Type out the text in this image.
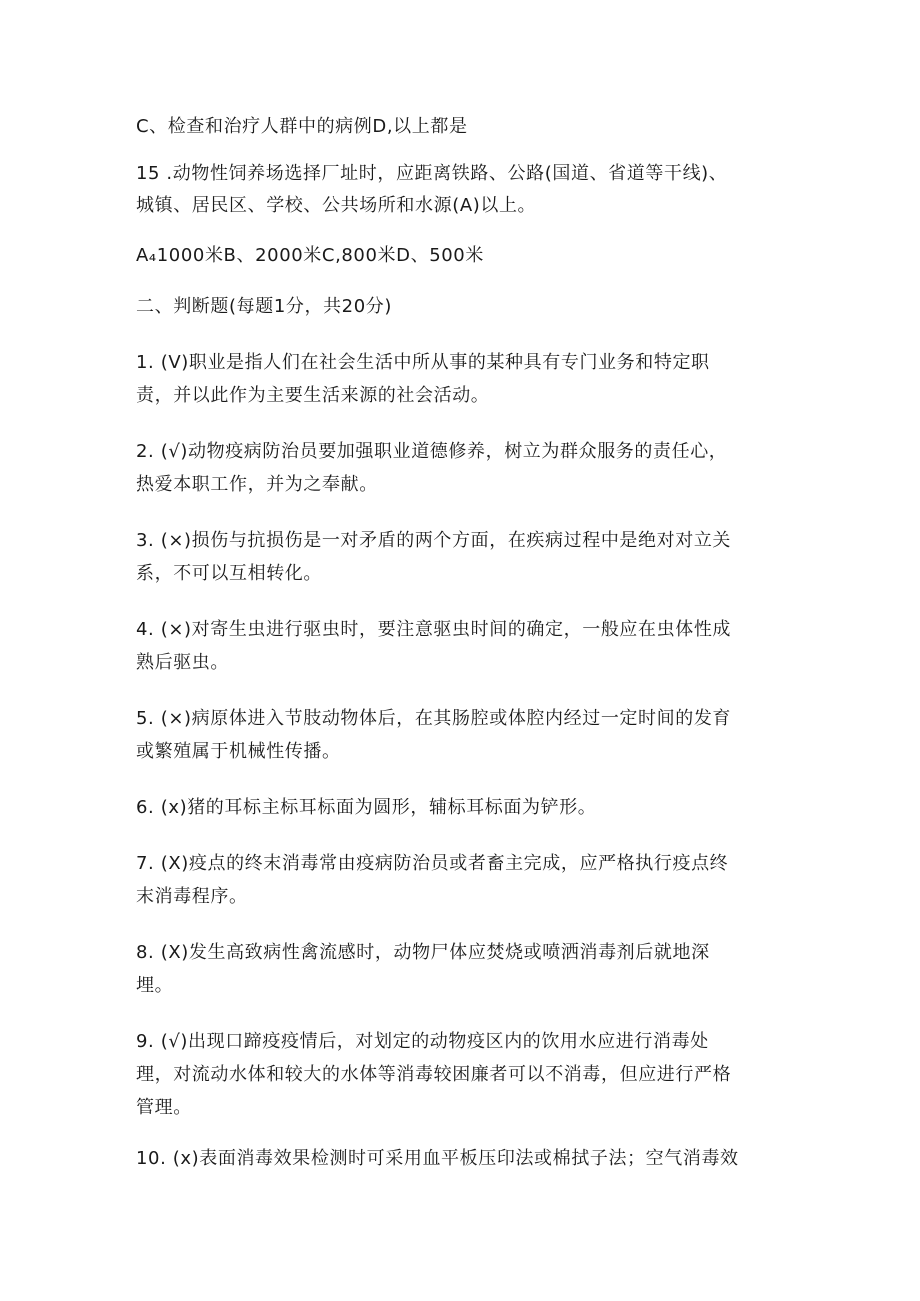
C、检查和治疗人群中的病例D,以上都是
15 .动物性饲养场选择厂址时，应距离铁路、公路(国道、省道等干线)、
城镇、居民区、学校、公共场所和水源(A)以上。
A₄1000米B、2000米C,800米D、500米
二、判断题(每题1分，共20分)
1. (V)职业是指人们在社会生活中所从事的某种具有专门业务和特定职
责，并以此作为主要生活来源的社会活动。
2. (√)动物疫病防治员要加强职业道德修养，树立为群众服务的责任心，
热爱本职工作，并为之奉献。
3. (×)损伤与抗损伤是一对矛盾的两个方面，在疾病过程中是绝对对立关
系，不可以互相转化。
4. (×)对寄生虫进行驱虫时，要注意驱虫时间的确定，一般应在虫体性成
熟后驱虫。
5. (×)病原体进入节肢动物体后，在其肠腔或体腔内经过一定时间的发育
或繁殖属于机械性传播。
6. (x)猪的耳标主标耳标面为圆形，辅标耳标面为铲形。
7. (X)疫点的终末消毒常由疫病防治员或者畜主完成，应严格执行疫点终
末消毒程序。
8. (X)发生高致病性禽流感时，动物尸体应焚烧或喷洒消毒剂后就地深
埋。
9. (√)出现口蹄疫疫情后，对划定的动物疫区内的饮用水应进行消毒处
理，对流动水体和较大的水体等消毒较困廉者可以不消毒，但应进行严格
管理。
10. (x)表面消毒效果检测时可采用血平板压印法或棉拭子法；空气消毒效
